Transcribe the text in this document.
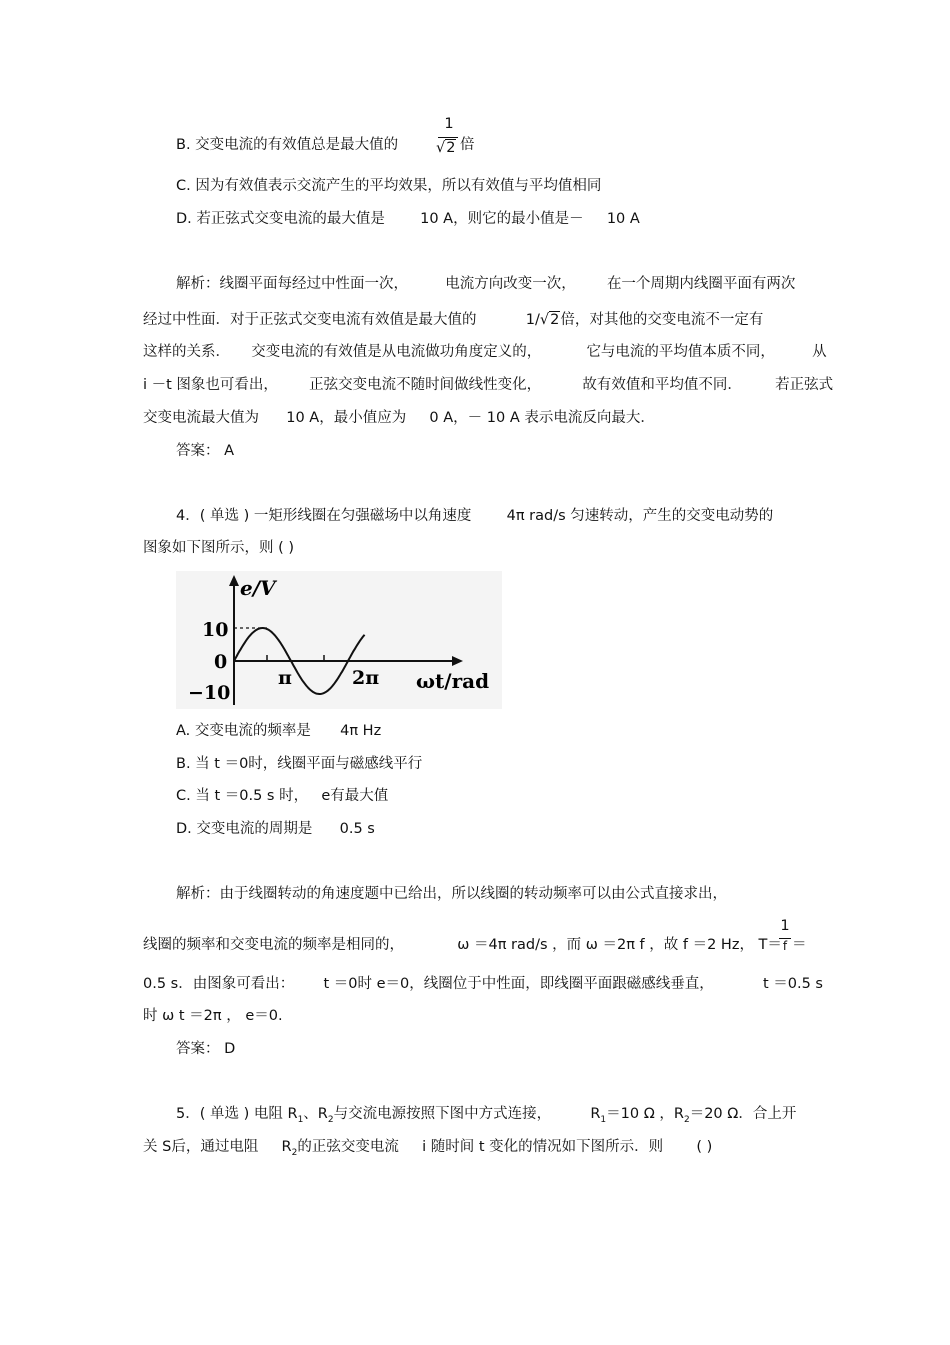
B. 交变电流的有效值总是最大值的
1
√2 倍
C. 因为有效值表示交流产生的平均效果，所以有效值与平均值相同
D. 若正弦式交变电流的最大值是 10 A，则它的最小值是－ 10 A
解析：线圈平面每经过中性面一次，	电流方向改变一次， 在一个周期内线圈平面有两次
经过中性面．对于正弦式交变电流有效值是最大值的	1/√2倍，对其他的交变电流不一定有
这样的关系． 交变电流的有效值是从电流做功角度定义的，	它与电流的平均值本质不同，	从
i －t 图象也可看出， 正弦交变电流不随时间做线性变化，	故有效值和平均值不同． 若正弦式
交变电流最大值为 10 A，最小值应为 0 A，－ 10 A 表示电流反向最大．
答案： A
4．( 单选 ) 一矩形线圈在匀强磁场中以角速度 4π rad/s 匀速转动，产生的交变电动势的
图象如下图所示，则 ( )
e/V
10
0
−10
π	2π ωt/rad
A. 交变电流的频率是 4π Hz
B. 当 t ＝0时，线圈平面与磁感线平行
C. 当 t ＝0.5 s 时， e有最大值
D. 交变电流的周期是 0.5 s
解析：由于线圈转动的角速度题中已给出，所以线圈的转动频率可以由公式直接求出，
线圈的频率和交变电流的频率是相同的，	ω ＝4π rad/s ，而 ω ＝2π f ，故 f ＝2 Hz， T＝
1
f ＝
0.5 s．由图象可看出： t ＝0时 e＝0，线圈位于中性面，即线圈平面跟磁感线垂直，	t ＝0.5 s
时 ω t ＝2π ， e＝0.
答案： D
5．( 单选 ) 电阻 $R_1$、$R_2$与交流电源按照下图中方式连接，	$R_1=10$ Ω ，$R_2=20$ Ω．合上开
关 S后，通过电阻 $R_2$的正弦交变电流 i 随时间 t 变化的情况如下图所示．则 ( )
